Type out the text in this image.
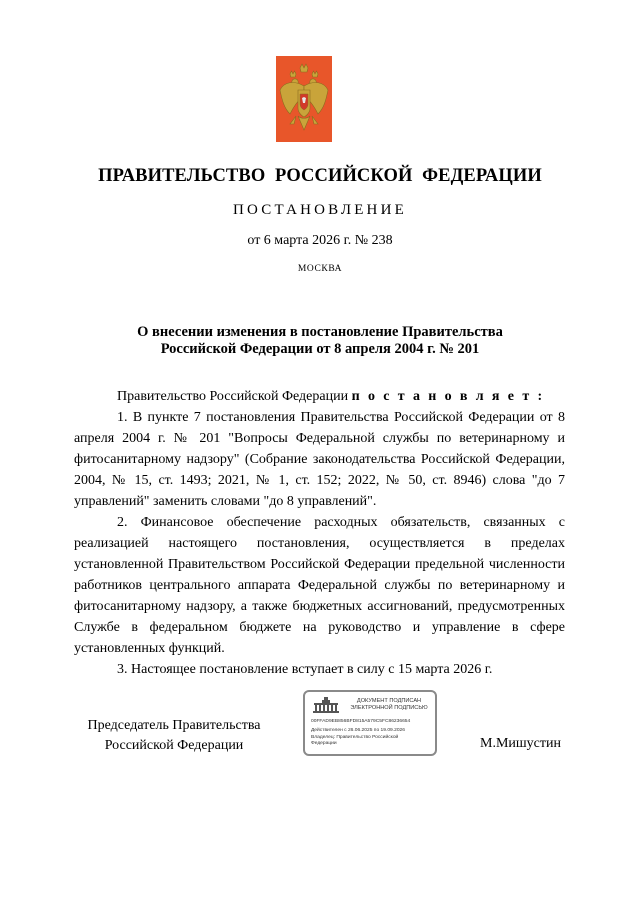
ПРАВИТЕЛЬСТВО РОССИЙСКОЙ ФЕДЕРАЦИИ
ПОСТАНОВЛЕНИЕ
от 6 марта 2026 г. № 238
МОСКВА
О внесении изменения в постановление Правительства
Российской Федерации от 8 апреля 2004 г. № 201

Правительство Российской Федерации п о с т а н о в л я е т :

1. В пункте 7 постановления Правительства Российской Федерации от 8 апреля 2004 г. № 201 "Вопросы Федеральной службы по ветеринарному и фитосанитарному надзору" (Собрание законодательства Российской Федерации, 2004, № 15, ст. 1493; 2021, № 1, ст. 152; 2022, № 50, ст. 8946) слова "до 7 управлений" заменить словами "до 8 управлений".

2. Финансовое обеспечение расходных обязательств, связанных с реализацией настоящего постановления, осуществляется в пределах установленной Правительством Российской Федерации предельной численности работников центрального аппарата Федеральной службы по ветеринарному и фитосанитарному надзору, а также бюджетных ассигнований, предусмотренных Службе в федеральном бюджете на руководство и управление в сфере установленных функций.

3. Настоящее постановление вступает в силу с 15 марта 2026 г.

Председатель Правительства
Российской Федерации
ДОКУМЕНТ ПОДПИСАН
ЭЛЕКТРОННОЙ ПОДПИСЬЮ
00FFAD9EB856BFD815A579C5FC86236654
Действителен с 26.06.2025 по 19.09.2026
Владелец: Правительство Российской
Федерации	М.Мишустин
